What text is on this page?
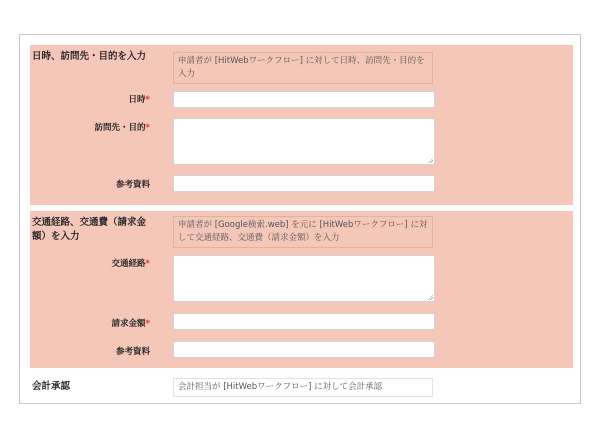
日時、訪問先・目的を入力	申請者が [HitWebワークフロー] に対して日時、訪問先・目的を入力
日時*
訪問先・目的*
参考資料
交通経路、交通費（請求金額）を入力
申請者が [Google検索.web] を元に [HitWebワークフロー] に対して交通経路、交通費（請求金額）を入力
交通経路*
請求金額*
参考資料
会計承認	会計担当が [HitWebワークフロー] に対して会計承認
